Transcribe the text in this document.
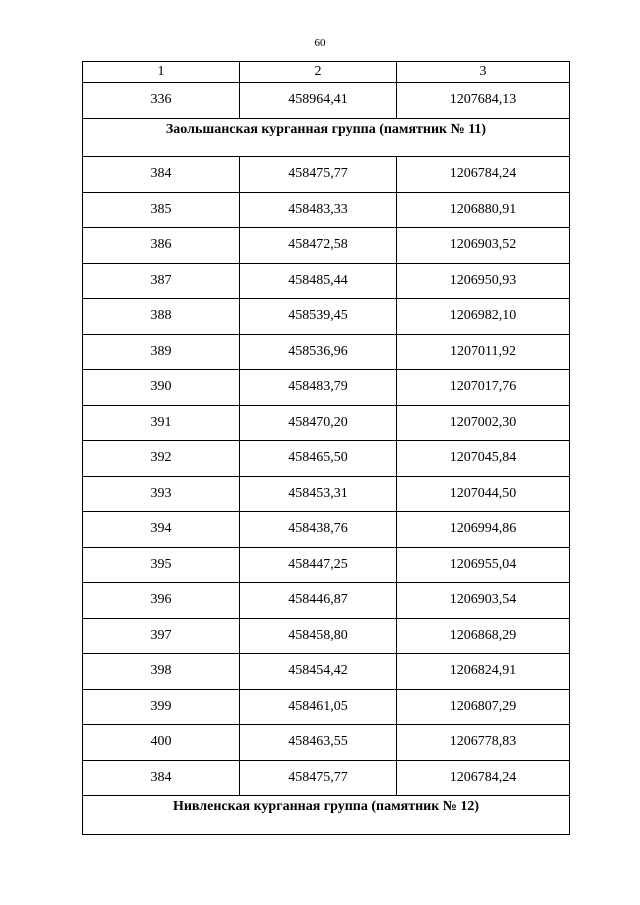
60
1	2	3
336	458964,41	1207684,13
Заольшанская курганная группа (памятник № 11)		
384	458475,77	1206784,24
385	458483,33	1206880,91
386	458472,58	1206903,52
387	458485,44	1206950,93
388	458539,45	1206982,10
389	458536,96	1207011,92
390	458483,79	1207017,76
391	458470,20	1207002,30
392	458465,50	1207045,84
393	458453,31	1207044,50
394	458438,76	1206994,86
395	458447,25	1206955,04
396	458446,87	1206903,54
397	458458,80	1206868,29
398	458454,42	1206824,91
399	458461,05	1206807,29
400	458463,55	1206778,83
384	458475,77	1206784,24
Нивленская курганная группа (памятник № 12)		
